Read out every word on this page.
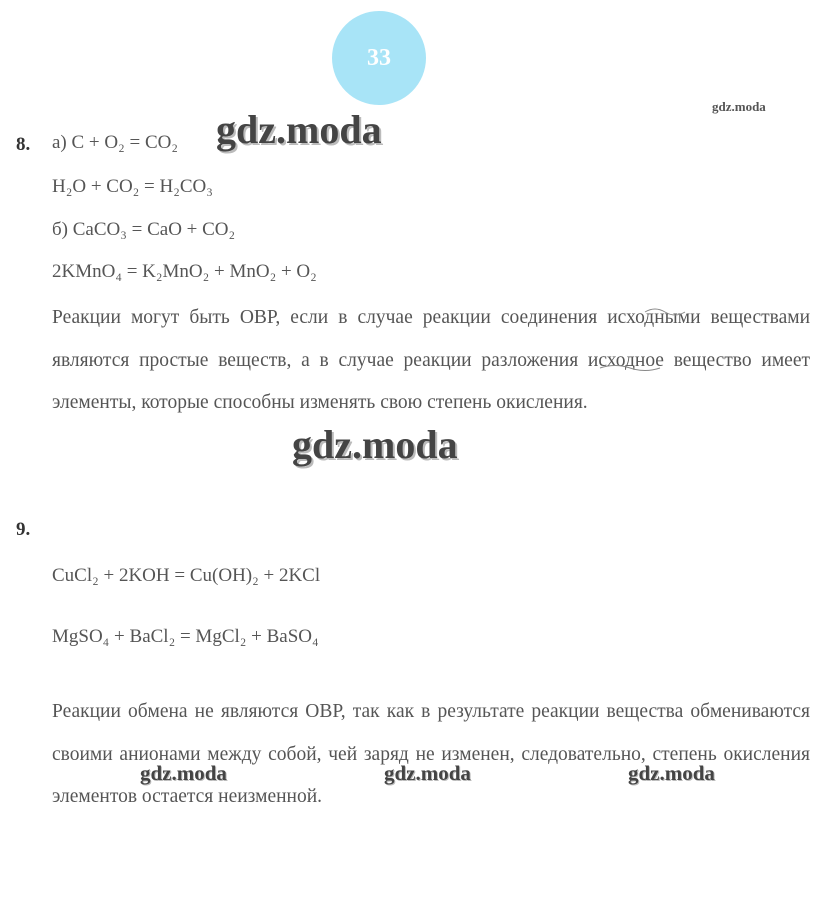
33
gdz.moda
8. а) C + O₂ = CO₂ gdz.moda
H₂O + CO₂ = H₂CO₃
б) CaCO₃ = CaO + CO₂
2KMnO₄ = K₂MnO₂ + MnO₂ + O₂

Реакции могут быть ОВР, если в случае реакции соединения исходными веществами являются простые веществ, а в случае реакции разложения исходное вещество имеет элементы, которые способны изменять свою степень окисления.

gdz.moda
9.
CuCl₂ + 2KOH = Cu(OH)₂ + 2KCl
MgSO₄ + BaCl₂ = MgCl₂ + BaSO₄

Реакции обмена не являются ОВР, так как в результате реакции вещества обмениваются своими анионами между собой, чей заряд не изменен, следовательно, степень окисления элементов остается неизменной.

gdz.moda	gdz.moda	gdz.moda
